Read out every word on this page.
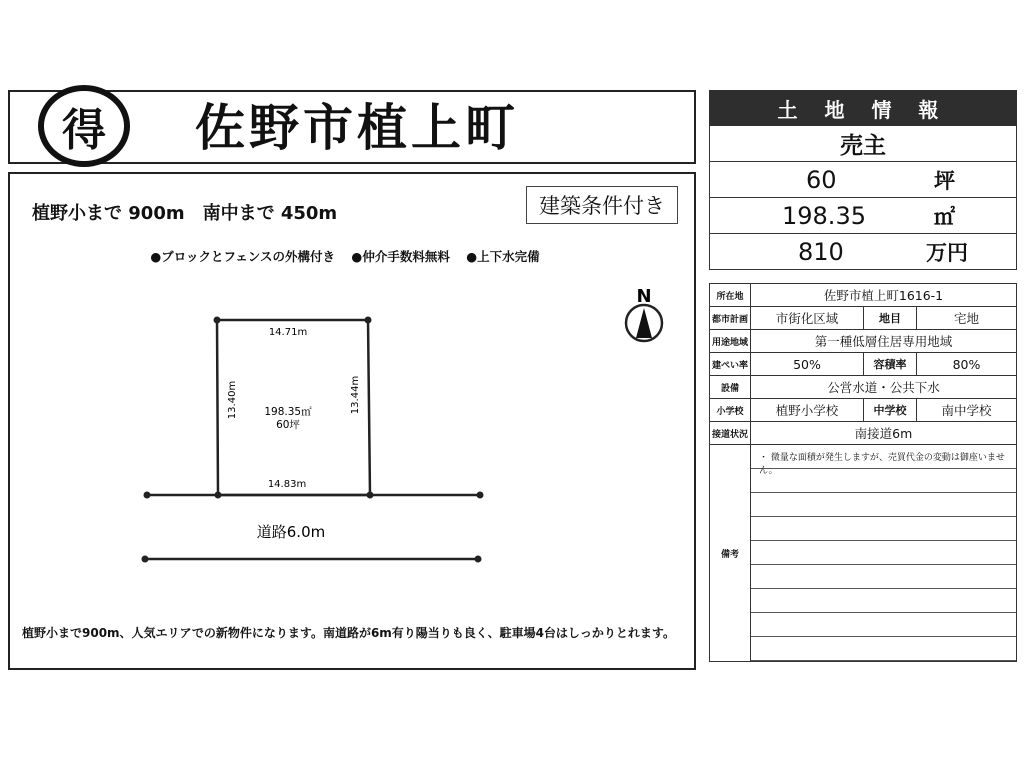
得	佐野市植上町
植野小まで 900m　南中まで 450m	建築条件付き
●ブロックとフェンスの外構付き ●仲介手数料無料 ●上下水完備
14.71m
14.83m
13.40m	13.44m
198.35㎡
60坪
道路6.0m
N
植野小まで900m、人気エリアでの新物件になります。南道路が6m有り陽当りも良く、駐車場4台はしっかりとれます。
土 地 情 報
売主
60	坪
198.35	㎡
810	万円
所在地	佐野市植上町1616-1		
都市計画	市街化区域	地目	宅地
用途地域	第一種低層住居専用地域		
建ぺい率	50%	容積率	80%
設備	公営水道・公共下水		
小学校	植野小学校	中学校	南中学校
接道状況	南接道6m		
備考	・ 微量な面積が発生しますが、売買代金の変動は御座いません。		
